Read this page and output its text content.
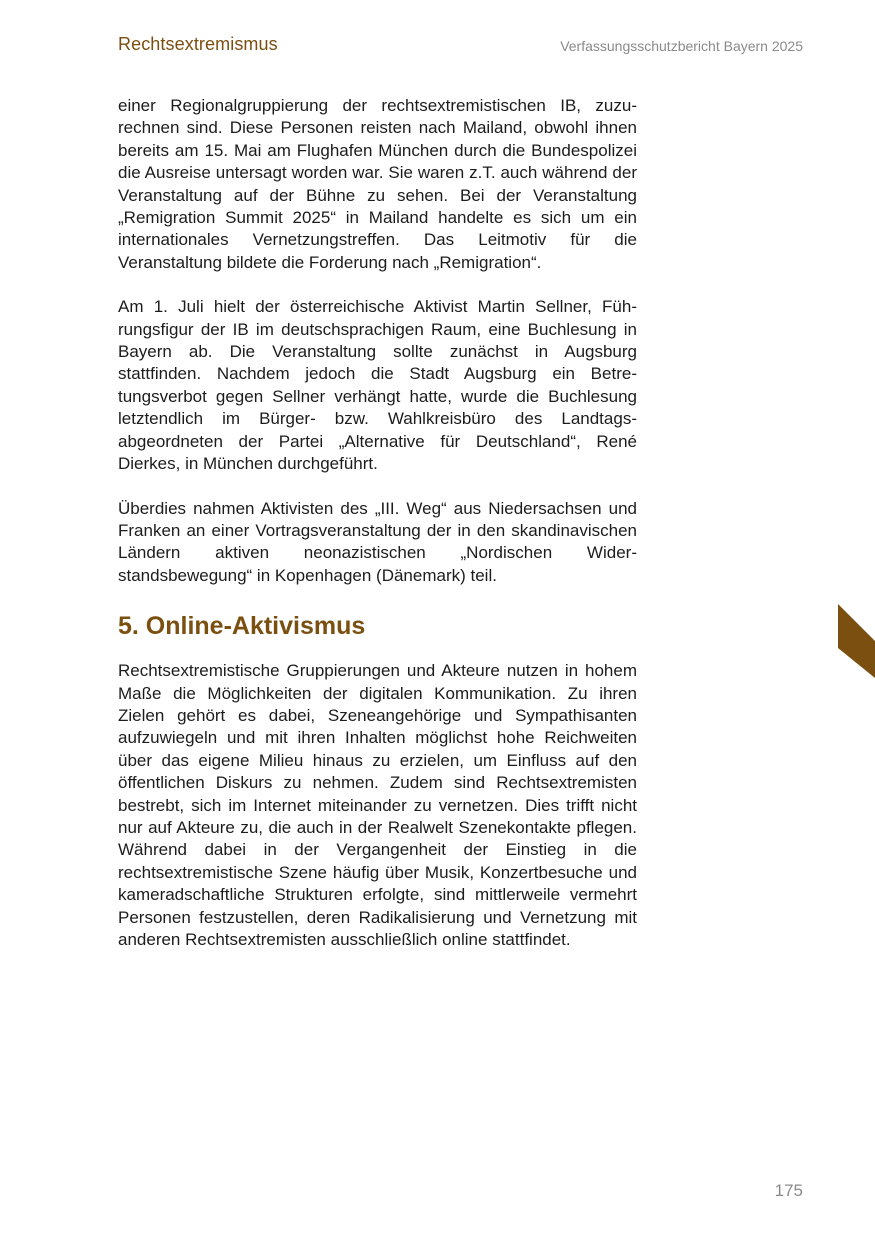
Rechtsextremismus	Verfassungsschutzbericht Bayern 2025

einer Regionalgruppierung der rechtsextremistischen IB, zuzurechnen sind. Diese Personen reisten nach Mailand, obwohl ihnen bereits am 15. Mai am Flughafen München durch die Bundespolizei die Ausreise untersagt worden war. Sie waren z.T. auch während der Veranstaltung auf der Bühne zu sehen. Bei der Veranstaltung „Remigration Summit 2025“ in Mailand handelte es sich um ein internationales Vernetzungstreffen. Das Leitmotiv für die Veranstaltung bildete die Forderung nach „Remigration“.

Am 1. Juli hielt der österreichische Aktivist Martin Sellner, Führungsfigur der IB im deutschsprachigen Raum, eine Buchlesung in Bayern ab. Die Veranstaltung sollte zunächst in Augsburg stattfinden. Nachdem jedoch die Stadt Augsburg ein Betretungsverbot gegen Sellner verhängt hatte, wurde die Buchlesung letztendlich im Bürger- bzw. Wahlkreisbüro des Landtagsabgeordneten der Partei „Alternative für Deutschland“, René Dierkes, in München durchgeführt.

Überdies nahmen Aktivisten des „III. Weg“ aus Niedersachsen und Franken an einer Vortragsveranstaltung der in den skandinavischen Ländern aktiven neonazistischen „Nordischen Widerstandsbewegung“ in Kopenhagen (Dänemark) teil.

5. Online-Aktivismus

Rechtsextremistische Gruppierungen und Akteure nutzen in hohem Maße die Möglichkeiten der digitalen Kommunikation. Zu ihren Zielen gehört es dabei, Szeneangehörige und Sympathisanten aufzuwiegeln und mit ihren Inhalten möglichst hohe Reichweiten über das eigene Milieu hinaus zu erzielen, um Einfluss auf den öffentlichen Diskurs zu nehmen. Zudem sind Rechtsextremisten bestrebt, sich im Internet miteinander zu vernetzen. Dies trifft nicht nur auf Akteure zu, die auch in der Realwelt Szenekontakte pflegen. Während dabei in der Vergangenheit der Einstieg in die rechtsextremistische Szene häufig über Musik, Konzertbesuche und kameradschaftliche Strukturen erfolgte, sind mittlerweile vermehrt Personen festzustellen, deren Radikalisierung und Vernetzung mit anderen Rechtsextremisten ausschließlich online stattfindet.

175
